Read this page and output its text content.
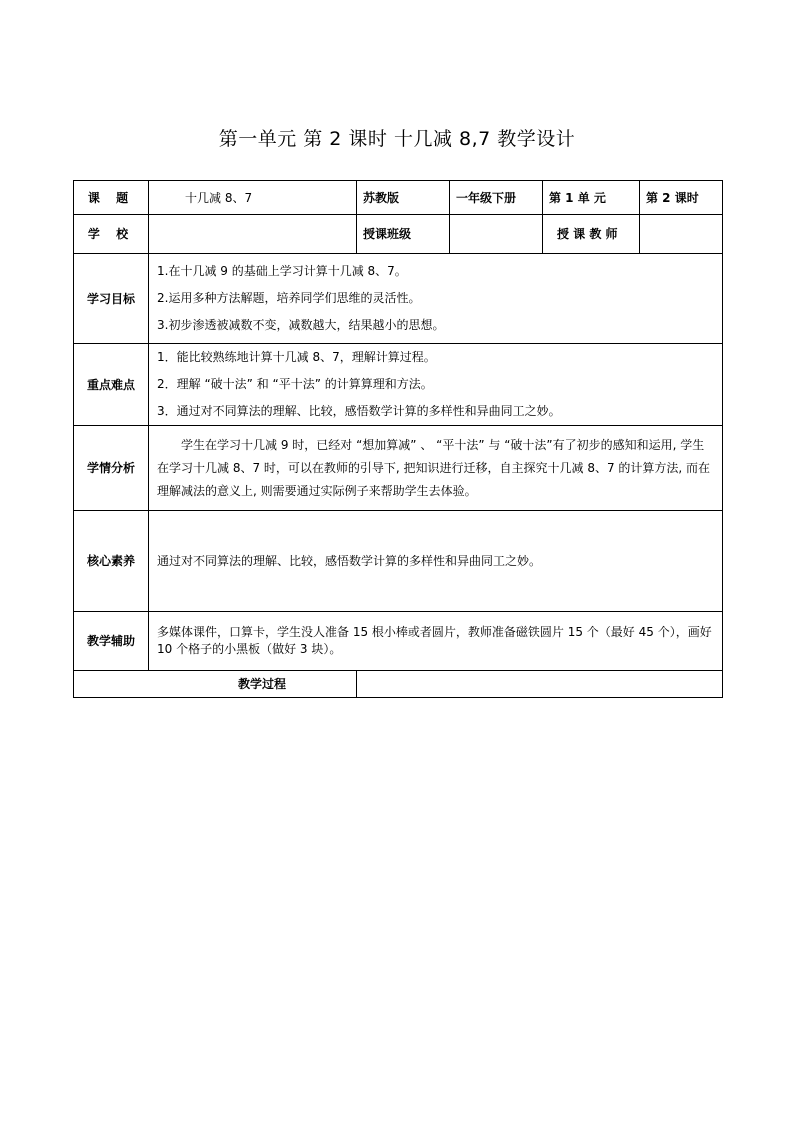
第一单元 第 2 课时 十几减 8,7 教学设计
课 题	十几减 8、7	苏教版	一年级下册	第 1 单 元	第 2 课时
学 校		授课班级		授 课 教 师	
学习目标	1.在十几减 9 的基础上学习计算十几减 8、7。
2.运用多种方法解题，培养同学们思维的灵活性。
3.初步渗透被减数不变，减数越大，结果越小的思想。				

重点难点	1．能比较熟练地计算十几减 8、7，理解计算过程。
2．理解 “破十法” 和 “平十法” 的计算算理和方法。
3．通过对不同算法的理解、比较，感悟数学计算的多样性和异曲同工之妙。				

学情分析	学生在学习十几减 9 时，已经对 “想加算减” 、 “平十法” 与 “破十法”有了初步的感知和运用, 学生在学习十几减 8、7 时，可以在教师的引导下, 把知识进行迁移，自主探究十几减 8、7 的计算方法, 而在理解减法的意义上, 则需要通过实际例子来帮助学生去体验。				

核心素养	通过对不同算法的理解、比较，感悟数学计算的多样性和异曲同工之妙。				
教学辅助	多媒体课件，口算卡，学生没人准备 15 根小棒或者圆片，教师准备磁铁圆片 15 个（最好 45 个），画好 10 个格子的小黑板（做好 3 块）。				
教学过程					
